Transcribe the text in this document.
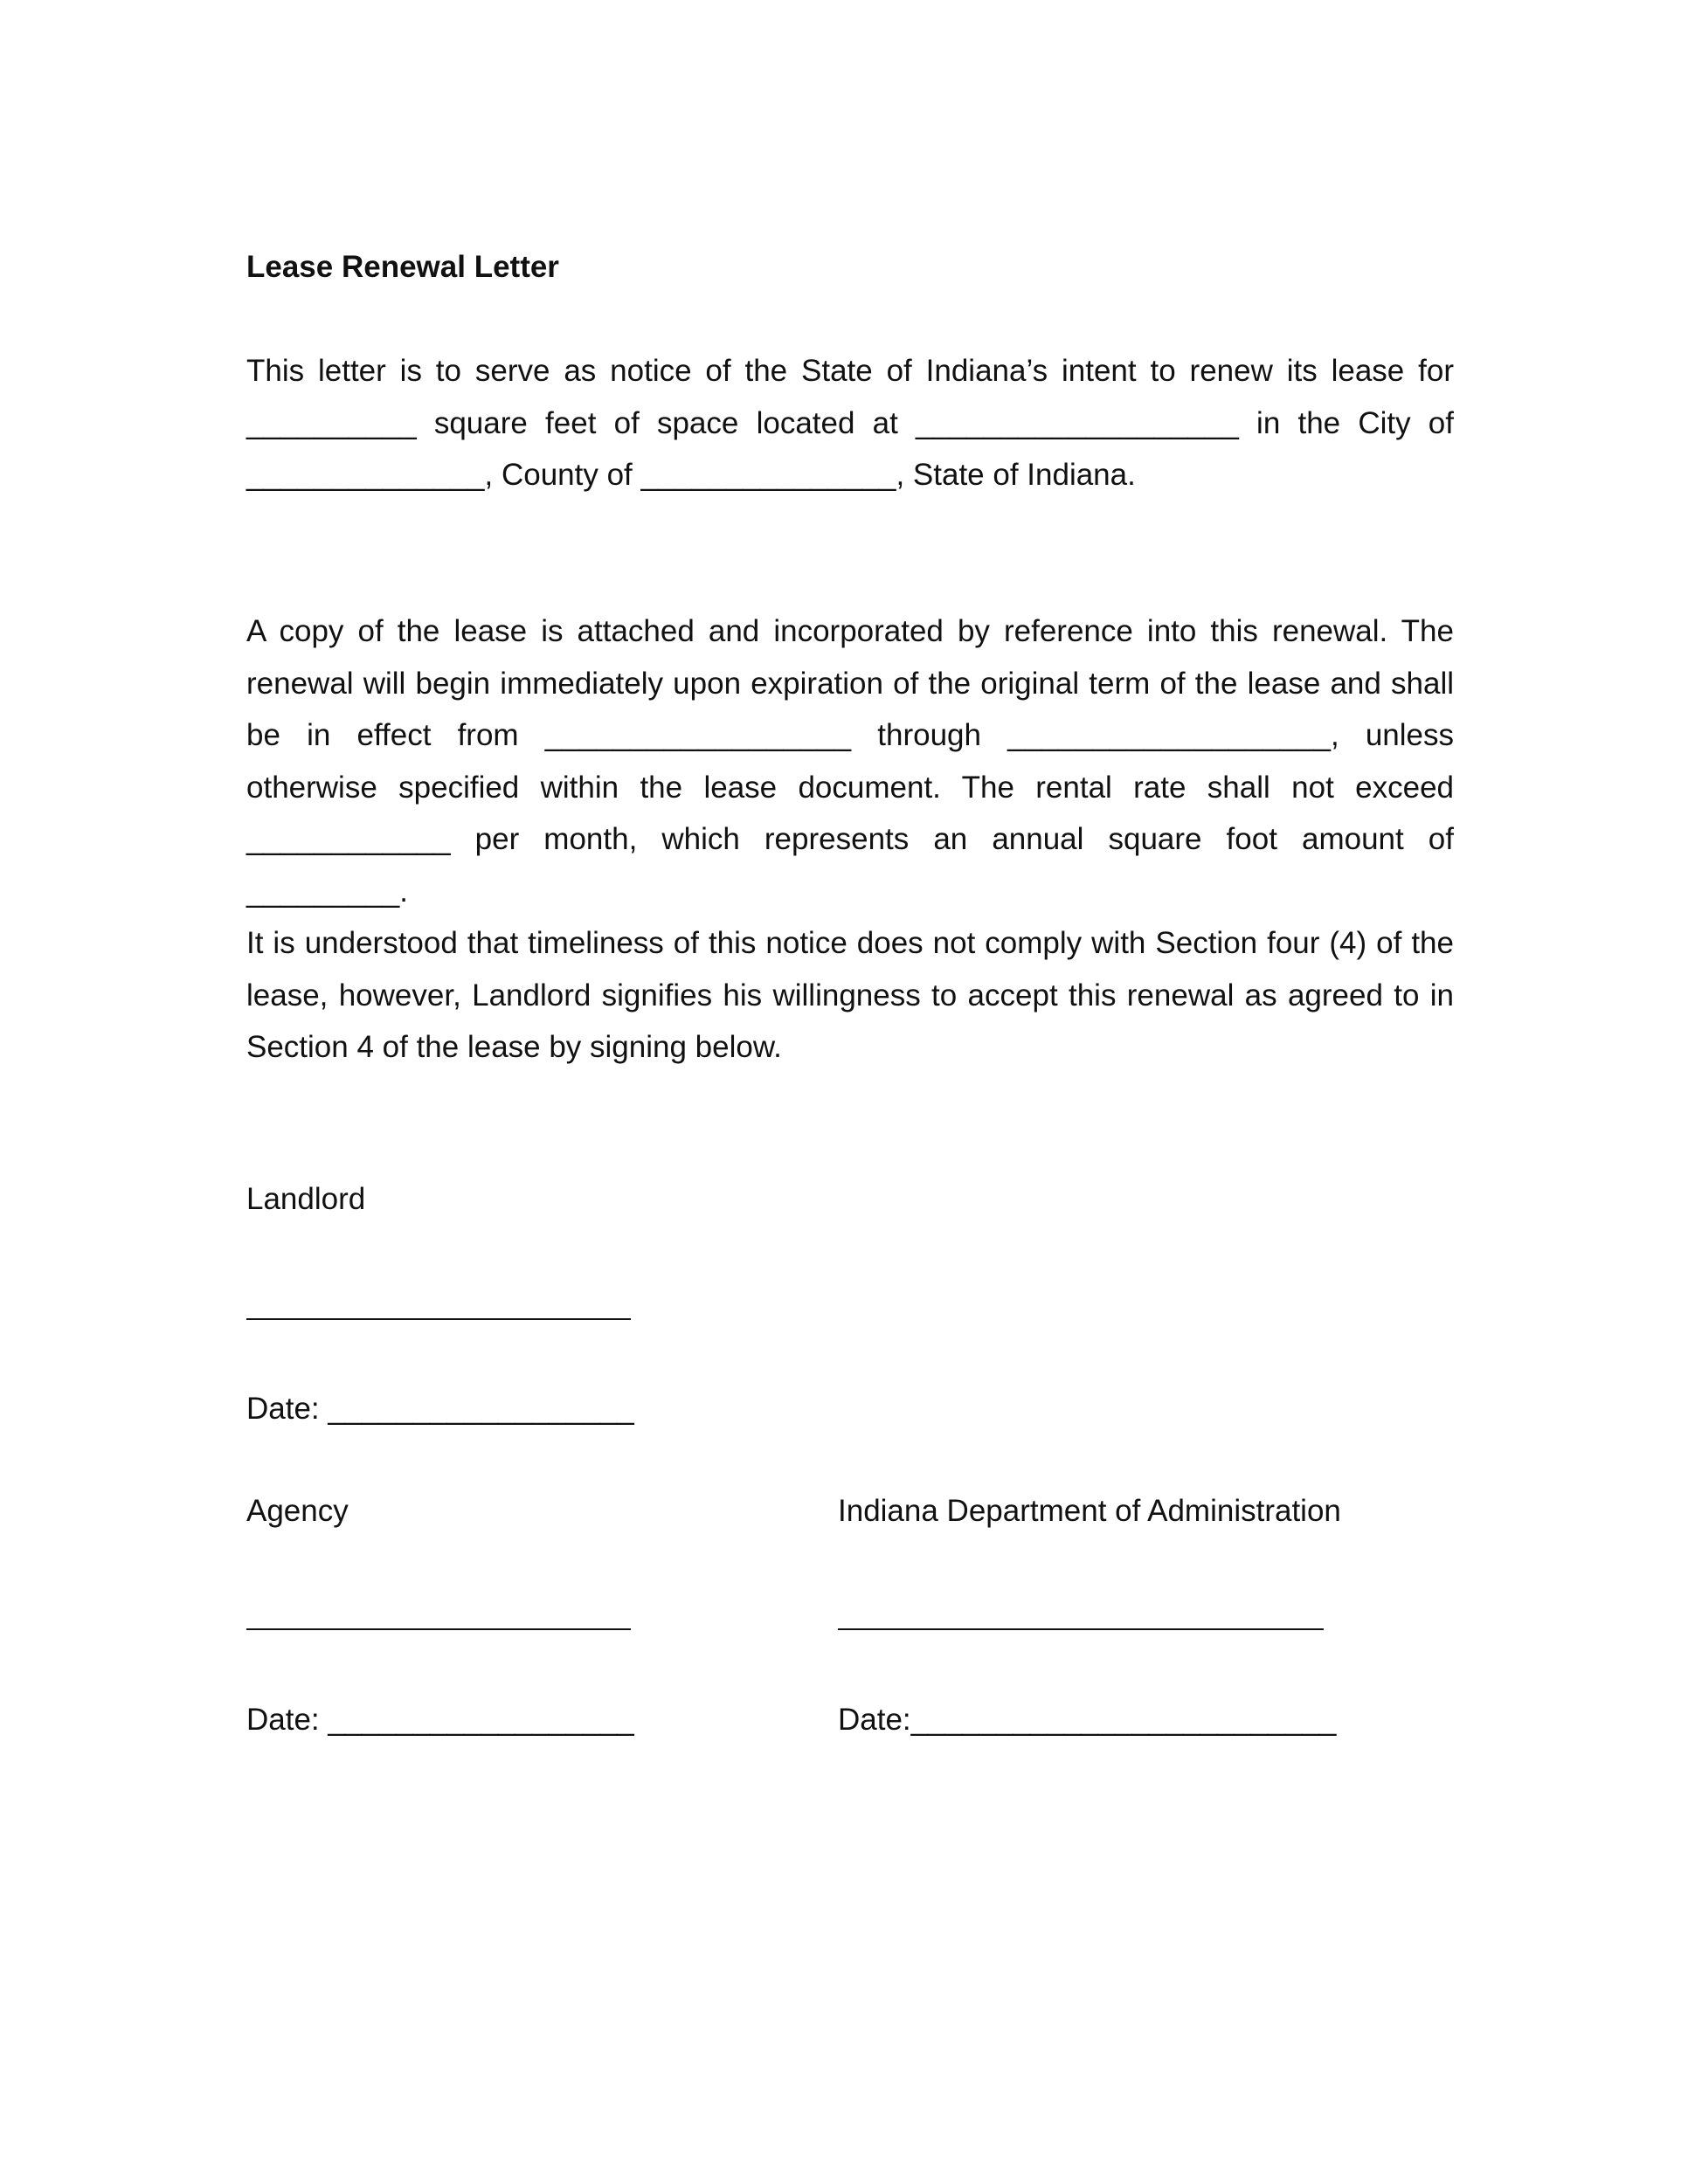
Lease Renewal Letter
This letter is to serve as notice of the State of Indiana’s intent to renew its lease for __________ square feet of space located at ___________________ in the City of ______________, County of _______________, State of Indiana.
A copy of the lease is attached and incorporated by reference into this renewal. The renewal will begin immediately upon expiration of the original term of the lease and shall be in effect from __________________ through ___________________, unless otherwise specified within the lease document. The rental rate shall not exceed ____________ per month, which represents an annual square foot amount of _________.
It is understood that timeliness of this notice does not comply with Section four (4) of the lease, however, Landlord signifies his willingness to accept this renewal as agreed to in Section 4 of the lease by signing below.
Landlord
Date: __________________
Agency
Date: __________________
Indiana Department of Administration
Date:_________________________
